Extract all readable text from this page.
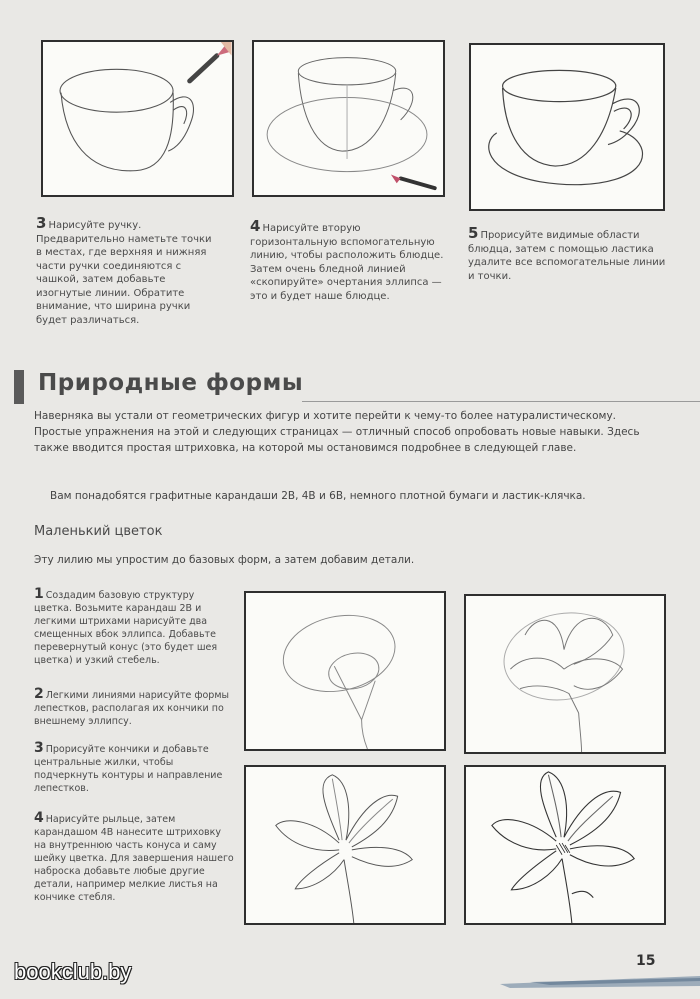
3 Нарисуйте ручку. Предварительно наметьте точки в местах, где верхняя и нижняя части ручки соединяются с чашкой, затем добавьте изогнутые линии. Обратите внимание, что ширина ручки будет различаться.
4 Нарисуйте вторую горизонтальную вспомогательную линию, чтобы расположить блюдце. Затем очень бледной линией «скопируйте» очертания эллипса — это и будет наше блюдце.
5 Прорисуйте видимые области блюдца, затем с помощью ластика удалите все вспомогательные линии и точки.
Природные формы
Наверняка вы устали от геометрических фигур и хотите перейти к чему-то более натуралистическому. Простые упражнения на этой и следующих страницах — отличный способ опробовать новые навыки. Здесь также вводится простая штриховка, на которой мы остановимся подробнее в следующей главе.
Вам понадобятся графитные карандаши 2B, 4B и 6B, немного плотной бумаги и ластик-клячка.
Маленький цветок
Эту лилию мы упростим до базовых форм, а затем добавим детали.
1 Создадим базовую структуру цветка. Возьмите карандаш 2B и легкими штрихами нарисуйте два смещенных вбок эллипса. Добавьте перевернутый конус (это будет шея цветка) и узкий стебель.
2 Легкими линиями нарисуйте формы лепестков, располагая их кончики по внешнему эллипсу.
3 Прорисуйте кончики и добавьте центральные жилки, чтобы подчеркнуть контуры и направление лепестков.
4 Нарисуйте рыльце, затем карандашом 4B нанесите штриховку на внутреннюю часть конуса и саму шейку цветка. Для завершения нашего наброска добавьте любые другие детали, например мелкие листья на кончике стебля.
bookclub.by	15
